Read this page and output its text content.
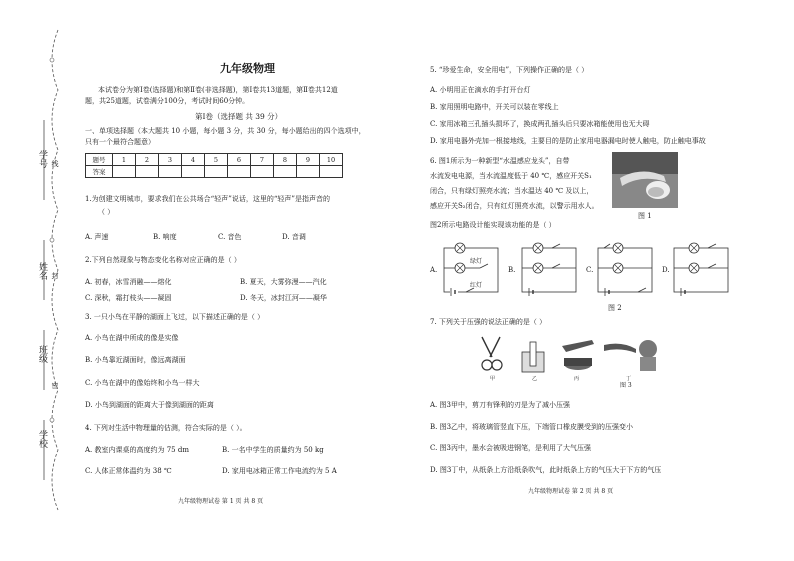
学号 线
姓名 封
班级
密
学校
九年级物理
本试卷分为第Ⅰ卷(选择题)和第Ⅱ卷(非选择题)，第Ⅰ卷共13道题，第Ⅱ卷共12道
题，共25道题，试卷满分100分，考试时间60分钟。
第Ⅰ卷（选择题 共 39 分）
一、单项选择题（本大题共 10 小题，每小题 3 分，共 30 分，每小题给出的四个选项中，
只有一个最符合题意）
题号	1	2	3	4	5	6	7	8	9	10
答案										
1.为创建文明城市，要求我们在公共场合“轻声”说话，这里的“轻声”是指声音的
（ ）
A. 声速	B. 响度	C. 音色	D. 音调
2.下列自然现象与物态变化名称对应正确的是（ ）
A. 初春，冰雪消融——熔化	B. 夏天，大雾弥漫——汽化
C. 深秋，霜打枝头——凝固	D. 冬天，冰封江河——凝华
3. 一只小鸟在平静的湖面上飞过，以下描述正确的是（ ）
A. 小鸟在湖中所成的像是实像
B. 小鸟靠近湖面时，像远离湖面
C. 小鸟在湖中的像始终和小鸟一样大
D. 小鸟到湖面的距离大于像到湖面的距离
4. 下列对生活中物理量的估测，符合实际的是（ ）。
A. 教室内课桌的高度约为 75 dm	B. 一名中学生的质量约为 50 kg
C. 人体正常体温约为 38 ℃	D. 家用电冰箱正常工作电流约为 5 A
九年级物理试卷 第 1 页 共 8 页
5. “珍爱生命，安全用电”，下列操作正确的是（ ）
A. 小明用正在滴水的手打开台灯
B. 家用照明电路中，开关可以装在零线上
C. 家用冰箱三孔插头损坏了，换成两孔插头后只要冰箱能使用也无大碍
D. 家用电器外壳加一根接地线，主要目的是防止家用电器漏电时使人触电，防止触电事故
6. 图1所示为一种新型“水温感应龙头”，自带
水流发电电源，当水流温度低于 40 ℃，感应开关S₁
闭合，只有绿灯照亮水流；当水温达 40 ℃ 及以上，
感应开关S₂闭合，只有红灯照亮水流，以警示用水人。
图2所示电路设计能实现该功能的是（ ）
图 1
A.
绿灯
红灯
B.	C.	D.
图 2
7. 下列关于压强的说法正确的是（ ）
甲	乙	丙	丁
图 3
A. 图3甲中，剪刀有锋利的刃是为了减小压强
B. 图3乙中，将玻璃管竖直下压，下端管口橡皮膜受到的压强变小
C. 图3丙中，墨水会被吸进钢笔，是利用了大气压强
D. 图3丁中，从纸条上方沿纸条吹气，此时纸条上方的气压大于下方的气压
九年级物理试卷 第 2 页 共 8 页
